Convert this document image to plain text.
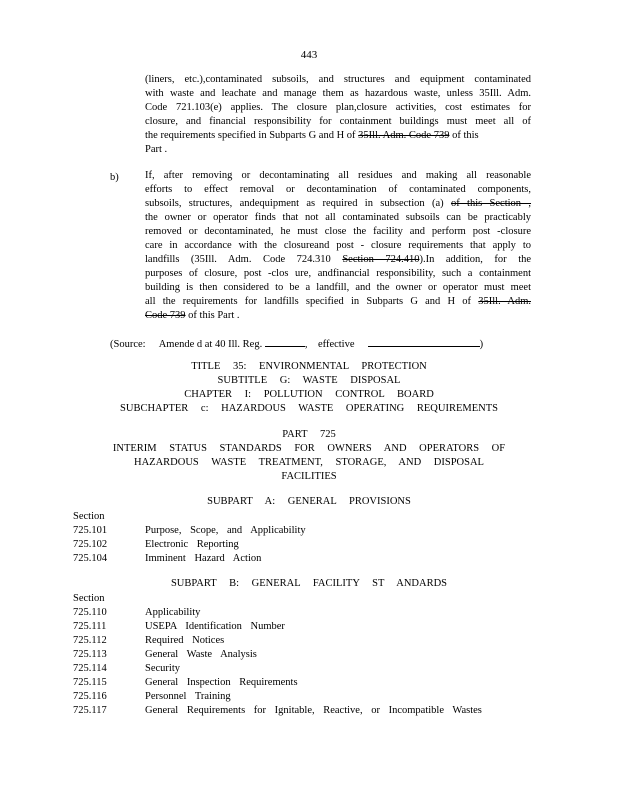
443
(liners, etc.),contaminated subsoils, and structures and equipment contaminated
with waste and leachate and manage them as hazardous waste, unless 35Ill. Adm.
Code 721.103(e) applies. The closure plan,closure activities, cost estimates for
closure, and financial responsibility for containment buildings must meet all of
the requirements specified in Subparts G and H of 35Ill. Adm. Code 739 of this
Part .
b)	If, after removing or decontaminating all residues and making all reasonable
efforts to effect removal or decontamination of contaminated components,
subsoils, structures, andequipment as required in subsection (a) of this Section ,
the owner or operator finds that not all contaminated subsoils can be practicably
removed or decontaminated, he must close the facility and perform post -closure
care in accordance with the closureand post - closure requirements that apply to
landfills (35Ill. Adm. Code 724.310 Section 724.410).In addition, for the
purposes of closure, post -clos ure, andfinancial responsibility, such a containment
building is then considered to be a landfill, and the owner or operator must meet
all the requirements for landfills specified in Subparts G and H of 35Ill. Adm.
Code 739 of this Part .
(Source: Amende d at 40 Ill. Reg.	, effective	)
TITLE 35: ENVIRONMENTAL PROTECTION
SUBTITLE G: WASTE DISPOSAL
CHAPTER I: POLLUTION CONTROL BOARD
SUBCHAPTER c: HAZARDOUS WASTE OPERATING REQUIREMENTS
PART 725
INTERIM STATUS STANDARDS FOR OWNERS AND OPERATORS OF
HAZARDOUS WASTE TREATMENT, STORAGE, AND DISPOSAL
FACILITIES
SUBPART A: GENERAL PROVISIONS
Section
725.101	Purpose, Scope, and Applicability
725.102	Electronic Reporting
725.104	Imminent Hazard Action
SUBPART B: GENERAL FACILITY ST ANDARDS
Section
725.110	Applicability
725.111	USEPA Identification Number
725.112	Required Notices
725.113	General Waste Analysis
725.114	Security
725.115	General Inspection Requirements
725.116	Personnel Training
725.117	General Requirements for Ignitable, Reactive, or Incompatible Wastes
